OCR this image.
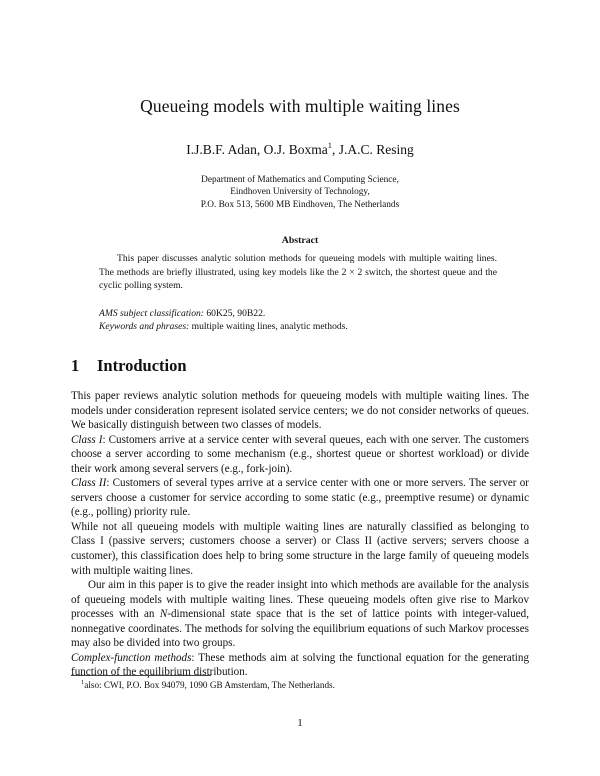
Queueing models with multiple waiting lines
I.J.B.F. Adan, O.J. Boxma$^1$, J.A.C. Resing
Department of Mathematics and Computing Science,
Eindhoven University of Technology,
P.O. Box 513, 5600 MB Eindhoven, The Netherlands
Abstract
This paper discusses analytic solution methods for queueing models with multiple waiting lines. The methods are briefly illustrated, using key models like the 2 × 2 switch, the shortest queue and the cyclic polling system.
AMS subject classification: 60K25, 90B22.
Keywords and phrases: multiple waiting lines, analytic methods.
1 Introduction

This paper reviews analytic solution methods for queueing models with multiple waiting lines. The models under consideration represent isolated service centers; we do not consider networks of queues. We basically distinguish between two classes of models.

Class I: Customers arrive at a service center with several queues, each with one server. The customers choose a server according to some mechanism (e.g., shortest queue or shortest workload) or divide their work among several servers (e.g., fork-join).

Class II: Customers of several types arrive at a service center with one or more servers. The server or servers choose a customer for service according to some static (e.g., preemptive resume) or dynamic (e.g., polling) priority rule.

While not all queueing models with multiple waiting lines are naturally classified as belonging to Class I (passive servers; customers choose a server) or Class II (active servers; servers choose a customer), this classification does help to bring some structure in the large family of queueing models with multiple waiting lines.

Our aim in this paper is to give the reader insight into which methods are available for the analysis of queueing models with multiple waiting lines. These queueing models often give rise to Markov processes with an N-dimensional state space that is the set of lattice points with integer-valued, nonnegative coordinates. The methods for solving the equilibrium equations of such Markov processes may also be divided into two groups.

Complex-function methods: These methods aim at solving the functional equation for the generating function of the equilibrium distribution.

$^1$also: CWI, P.O. Box 94079, 1090 GB Amsterdam, The Netherlands.
1
